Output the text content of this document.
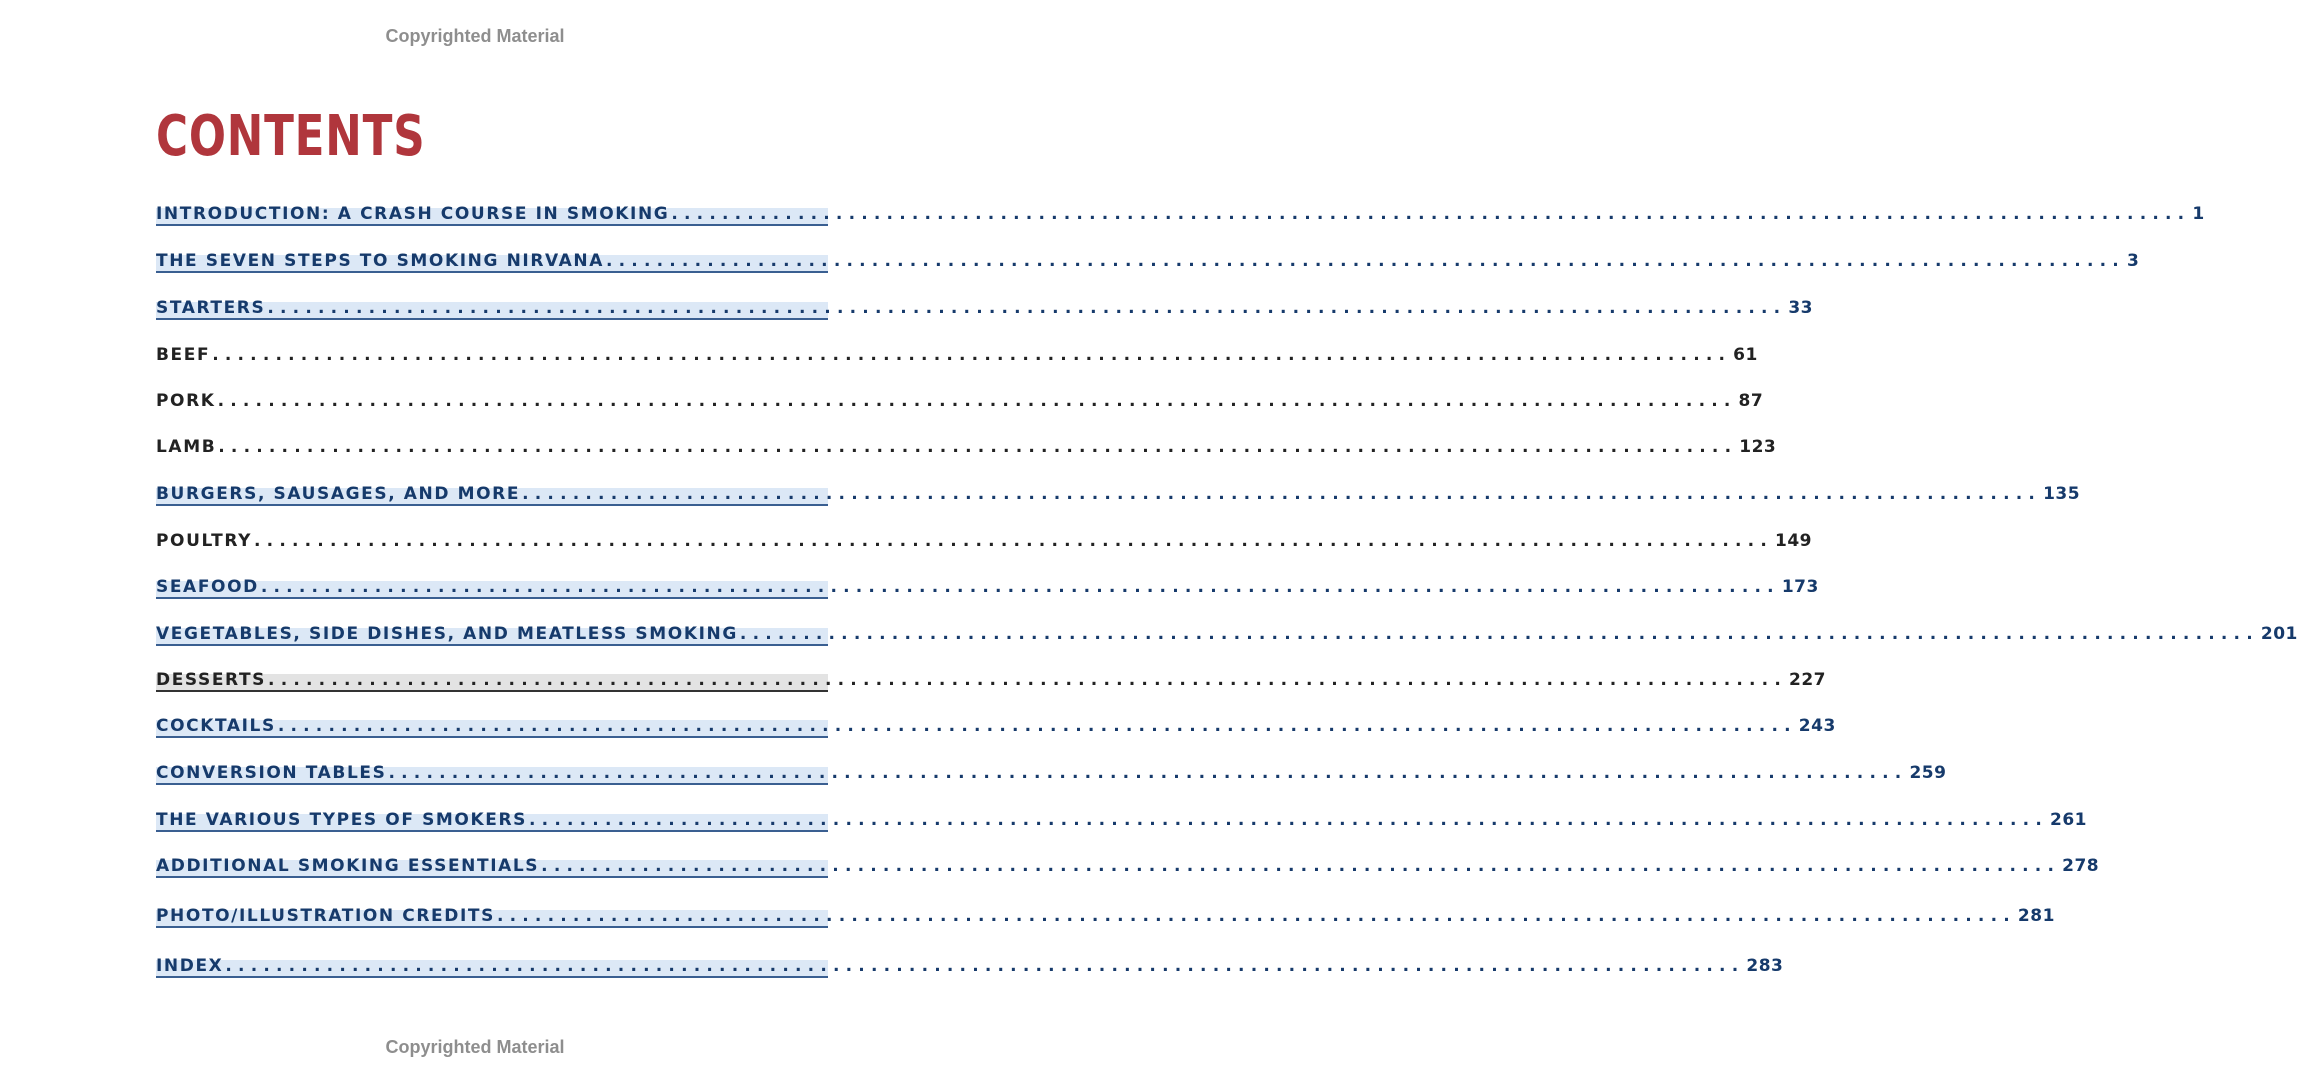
Copyrighted Material
CONTENTS
INTRODUCTION: A CRASH COURSE IN SMOKING ........................................................................................................................ 1
THE SEVEN STEPS TO SMOKING NIRVANA ........................................................................................................................ 3
STARTERS ........................................................................................................................ 33
BEEF ........................................................................................................................ 61
PORK ........................................................................................................................ 87
LAMB ........................................................................................................................ 123
BURGERS, SAUSAGES, AND MORE ........................................................................................................................ 135
POULTRY ........................................................................................................................ 149
SEAFOOD ........................................................................................................................ 173
VEGETABLES, SIDE DISHES, AND MEATLESS SMOKING ........................................................................................................................ 201
DESSERTS ........................................................................................................................ 227
COCKTAILS ........................................................................................................................ 243
CONVERSION TABLES ........................................................................................................................ 259
THE VARIOUS TYPES OF SMOKERS ........................................................................................................................ 261
ADDITIONAL SMOKING ESSENTIALS ........................................................................................................................ 278
PHOTO/ILLUSTRATION CREDITS ........................................................................................................................ 281
INDEX ........................................................................................................................ 283
Copyrighted Material
